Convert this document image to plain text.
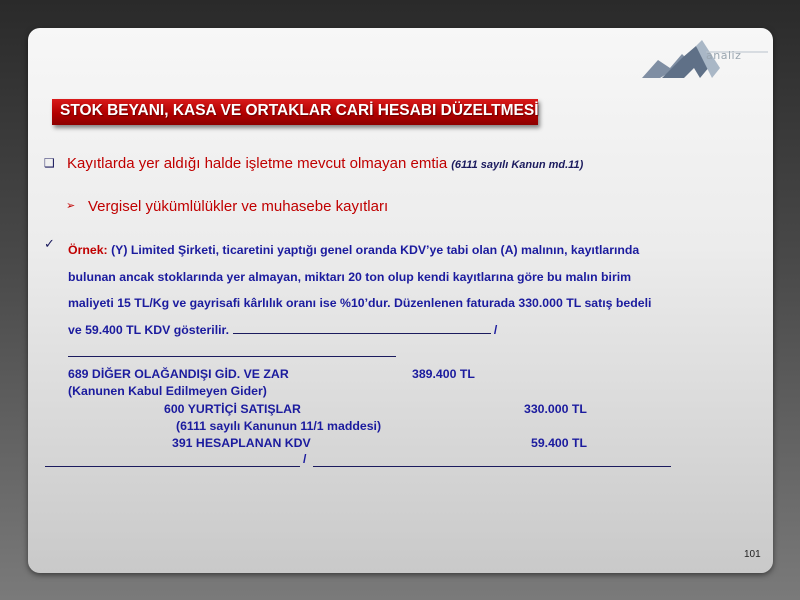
analiz
STOK BEYANI, KASA VE ORTAKLAR CARİ HESABI DÜZELTMESİ
❑ Kayıtlarda yer aldığı halde işletme mevcut olmayan emtia (6111 sayılı Kanun md.11)
➢ Vergisel yükümlülükler ve muhasebe kayıtları
✓ Örnek: (Y) Limited Şirketi, ticaretini yaptığı genel oranda KDV’ye tabi olan (A) malının, kayıtlarında
bulunan ancak stoklarında yer almayan, miktarı 20 ton olup kendi kayıtlarına göre bu malın birim
maliyeti 15 TL/Kg ve gayrisafi kârlılık oranı ise %10’dur. Düzenlenen faturada 330.000 TL satış bedeli
ve 59.400 TL KDV gösterilir.	/
689 DİĞER OLAĞANDIŞI GİD. VE ZAR	389.400 TL
(Kanunen Kabul Edilmeyen Gider)
600 YURTİÇİ SATIŞLAR	330.000 TL
(6111 sayılı Kanunun 11/1 maddesi)
391 HESAPLANAN KDV	59.400 TL
/
101
